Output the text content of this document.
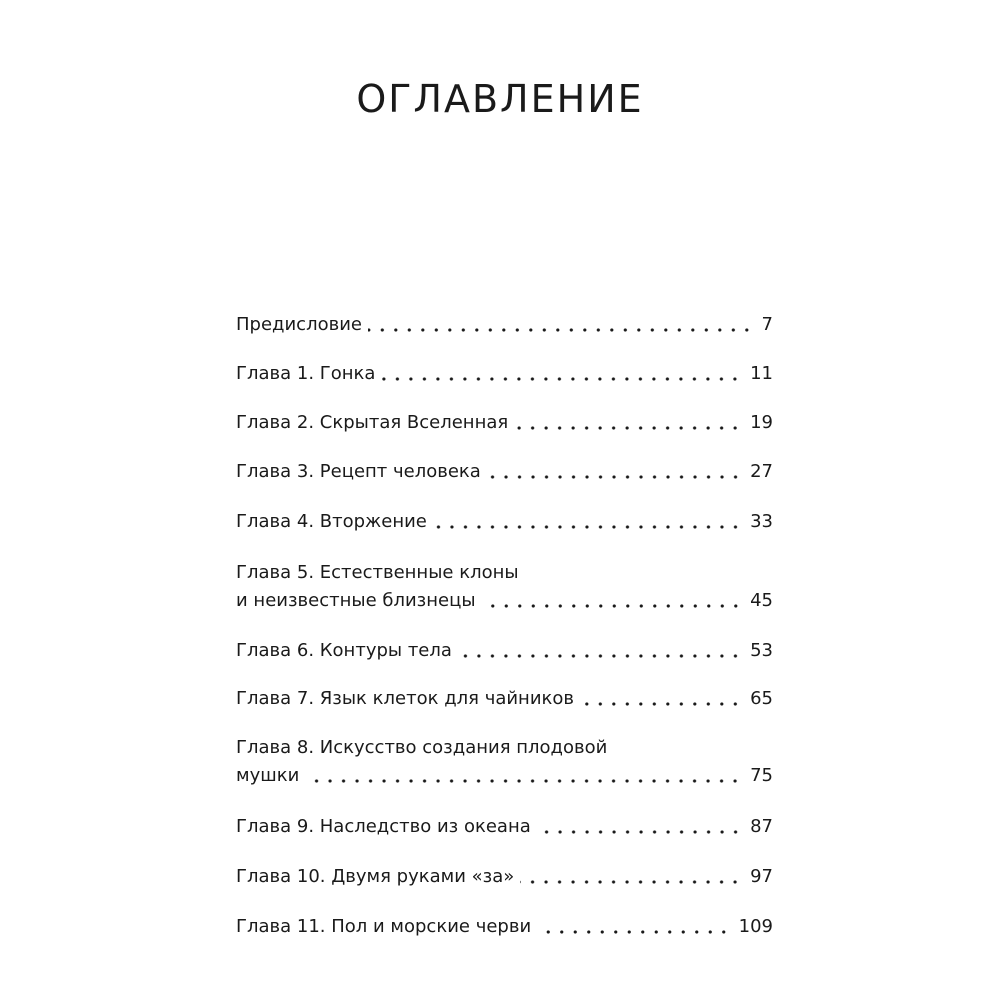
ОГЛАВЛЕНИЕ
Предисловие	7
Глава 1. Гонка	11
Глава 2. Скрытая Вселенная	19
Глава 3. Рецепт человека	27
Глава 4. Вторжение	33
Глава 5. Естественные клоны
и неизвестные близнецы	45
Глава 6. Контуры тела	53
Глава 7. Язык клеток для чайников	65
Глава 8. Искусство создания плодовой
мушки	75
Глава 9. Наследство из океана	87
Глава 10. Двумя руками «за»	97
Глава 11. Пол и морские черви	109
